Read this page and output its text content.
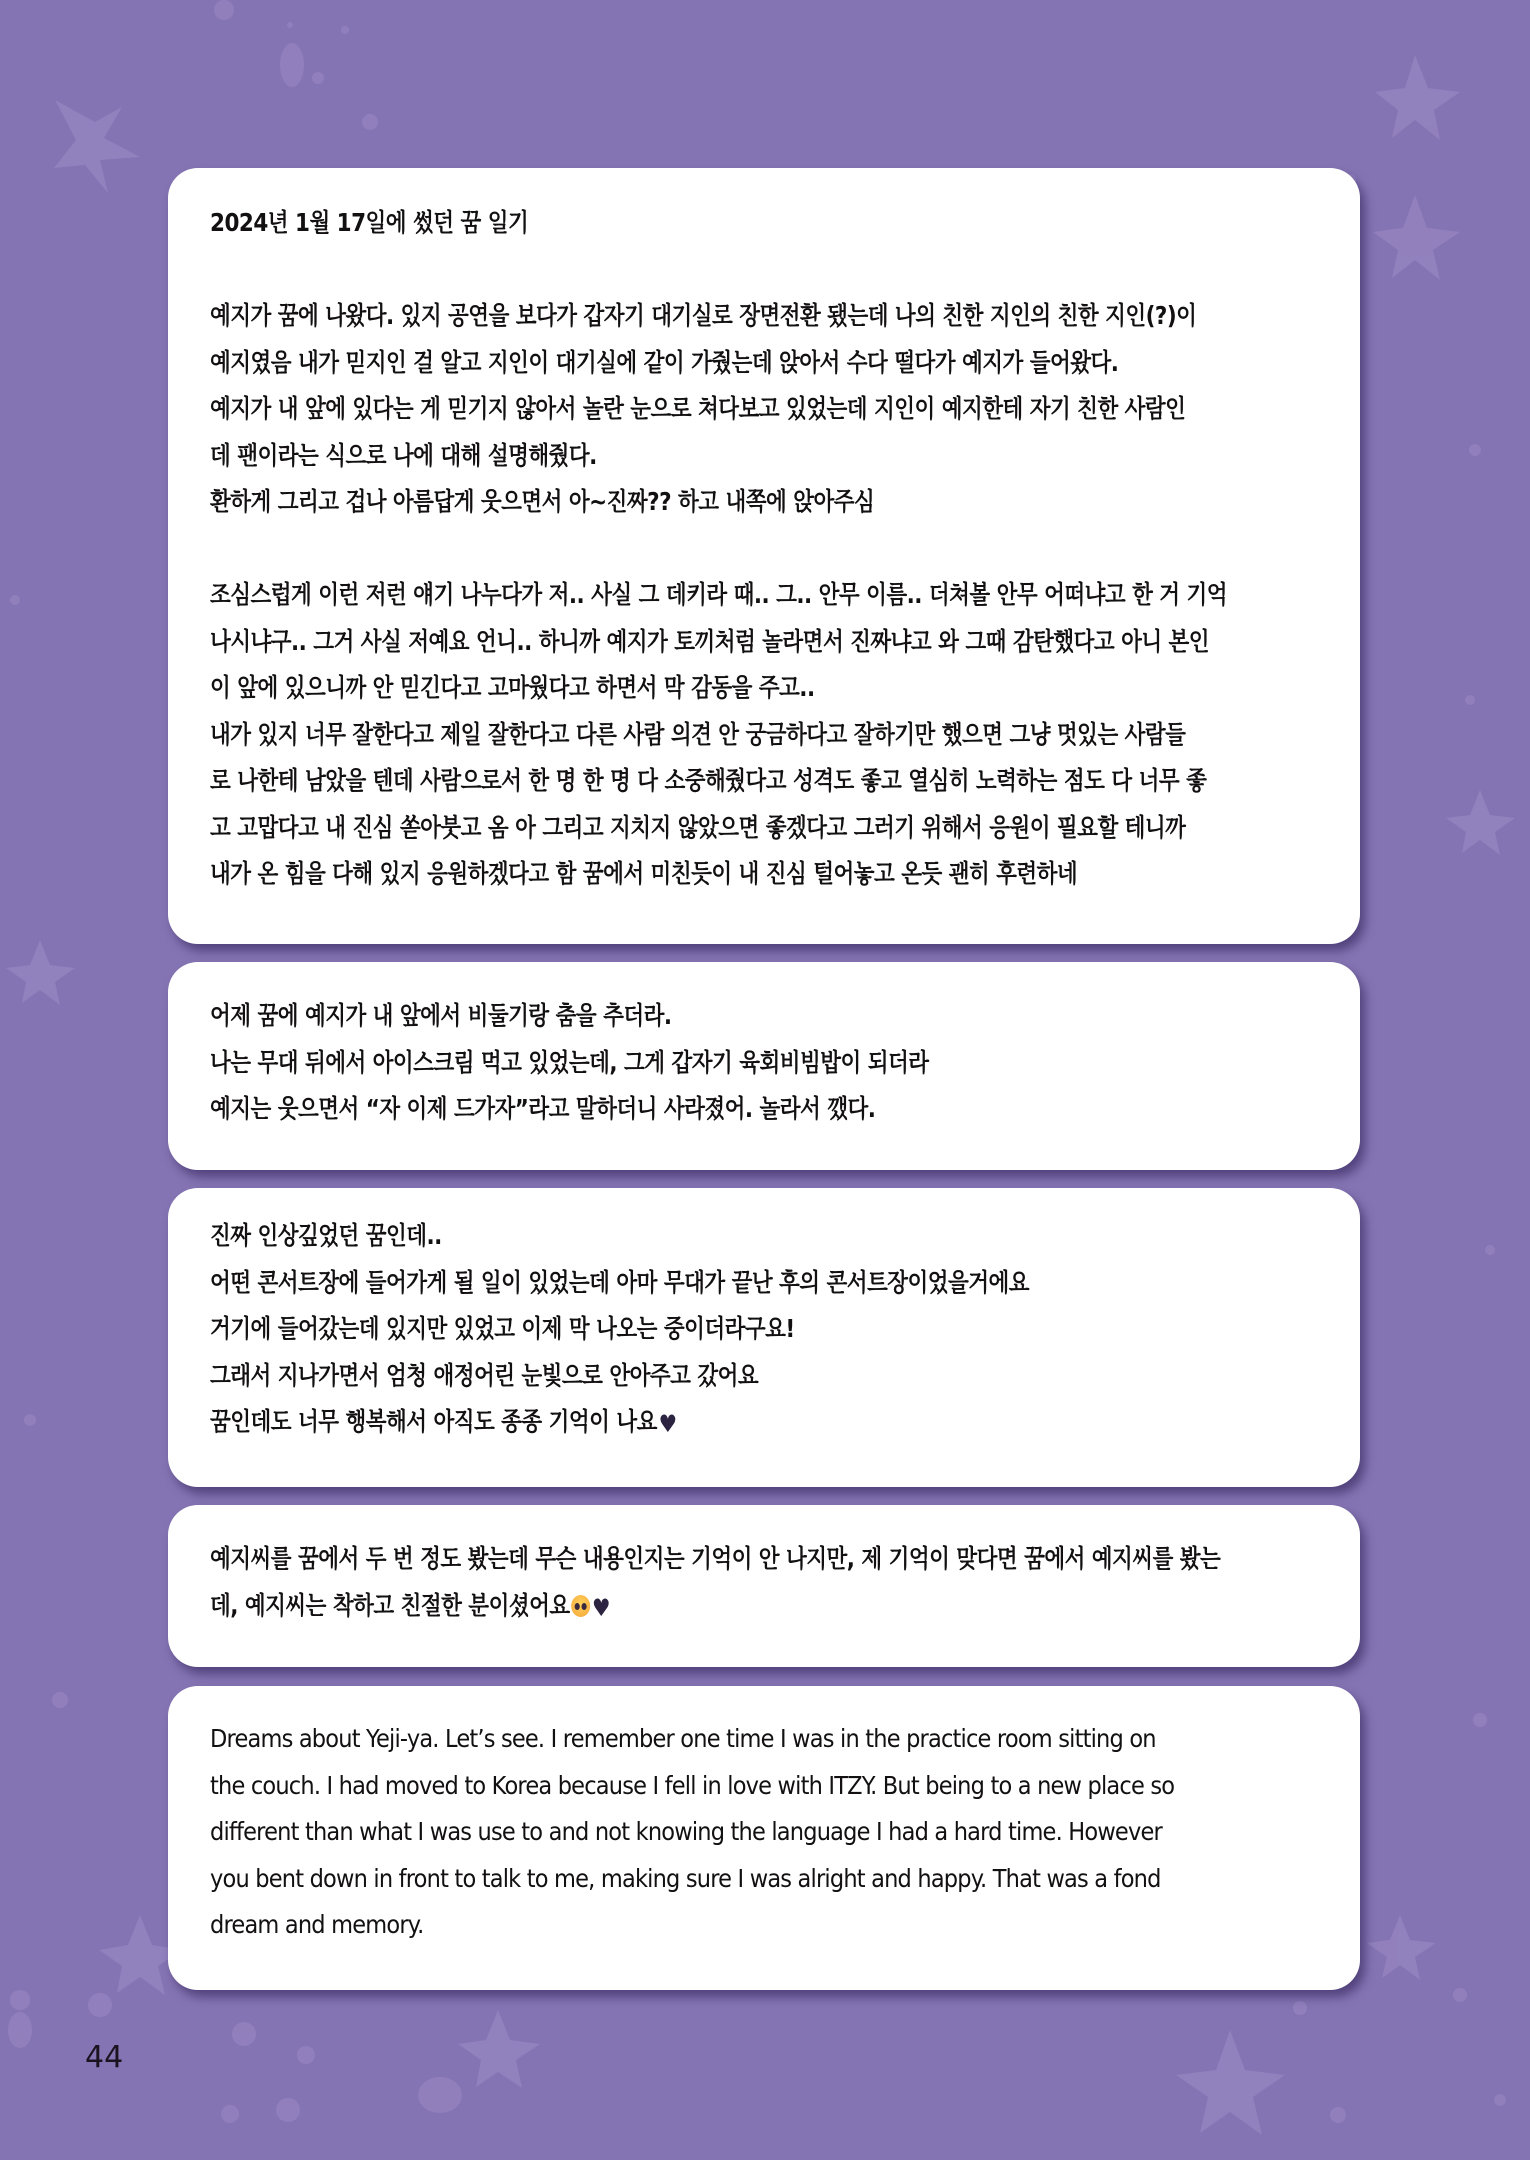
2024년 1월 17일에 썼던 꿈 일기
예지가 꿈에 나왔다. 있지 공연을 보다가 갑자기 대기실로 장면전환 됐는데 나의 친한 지인의 친한 지인(?)이
예지였음 내가 믿지인 걸 알고 지인이 대기실에 같이 가줬는데 앉아서 수다 떨다가 예지가 들어왔다.
예지가 내 앞에 있다는 게 믿기지 않아서 놀란 눈으로 쳐다보고 있었는데 지인이 예지한테 자기 친한 사람인
데 팬이라는 식으로 나에 대해 설명해줬다.
환하게 그리고 겁나 아름답게 웃으면서 아~진짜?? 하고 내쪽에 앉아주심
조심스럽게 이런 저런 얘기 나누다가 저.. 사실 그 데키라 때.. 그.. 안무 이름.. 더쳐볼 안무 어떠냐고 한 거 기억
나시냐구.. 그거 사실 저예요 언니.. 하니까 예지가 토끼처럼 놀라면서 진짜냐고 와 그때 감탄했다고 아니 본인
이 앞에 있으니까 안 믿긴다고 고마웠다고 하면서 막 감동을 주고..
내가 있지 너무 잘한다고 제일 잘한다고 다른 사람 의견 안 궁금하다고 잘하기만 했으면 그냥 멋있는 사람들
로 나한테 남았을 텐데 사람으로서 한 명 한 명 다 소중해줬다고 성격도 좋고 열심히 노력하는 점도 다 너무 좋
고 고맙다고 내 진심 쏟아붓고 옴 아 그리고 지치지 않았으면 좋겠다고 그러기 위해서 응원이 필요할 테니까
내가 온 힘을 다해 있지 응원하겠다고 함 꿈에서 미친듯이 내 진심 털어놓고 온듯 괜히 후련하네
어제 꿈에 예지가 내 앞에서 비둘기랑 춤을 추더라.
나는 무대 뒤에서 아이스크림 먹고 있었는데, 그게 갑자기 육회비빔밥이 되더라
예지는 웃으면서 “자 이제 드가자”라고 말하더니 사라졌어. 놀라서 깼다.
진짜 인상깊었던 꿈인데..
어떤 콘서트장에 들어가게 될 일이 있었는데 아마 무대가 끝난 후의 콘서트장이었을거에요
거기에 들어갔는데 있지만 있었고 이제 막 나오는 중이더라구요!
그래서 지나가면서 엄청 애정어린 눈빛으로 안아주고 갔어요
꿈인데도 너무 행복해서 아직도 종종 기억이 나요♥
예지씨를 꿈에서 두 번 정도 봤는데 무슨 내용인지는 기억이 안 나지만, 제 기억이 맞다면 꿈에서 예지씨를 봤는
데, 예지씨는 착하고 친절한 분이셨어요 ♥
Dreams about Yeji-ya. Let’s see. I remember one time I was in the practice room sitting on
the couch. I had moved to Korea because I fell in love with ITZY. But being to a new place so
different than what I was use to and not knowing the language I had a hard time. However
you bent down in front to talk to me, making sure I was alright and happy. That was a fond
dream and memory.
44
